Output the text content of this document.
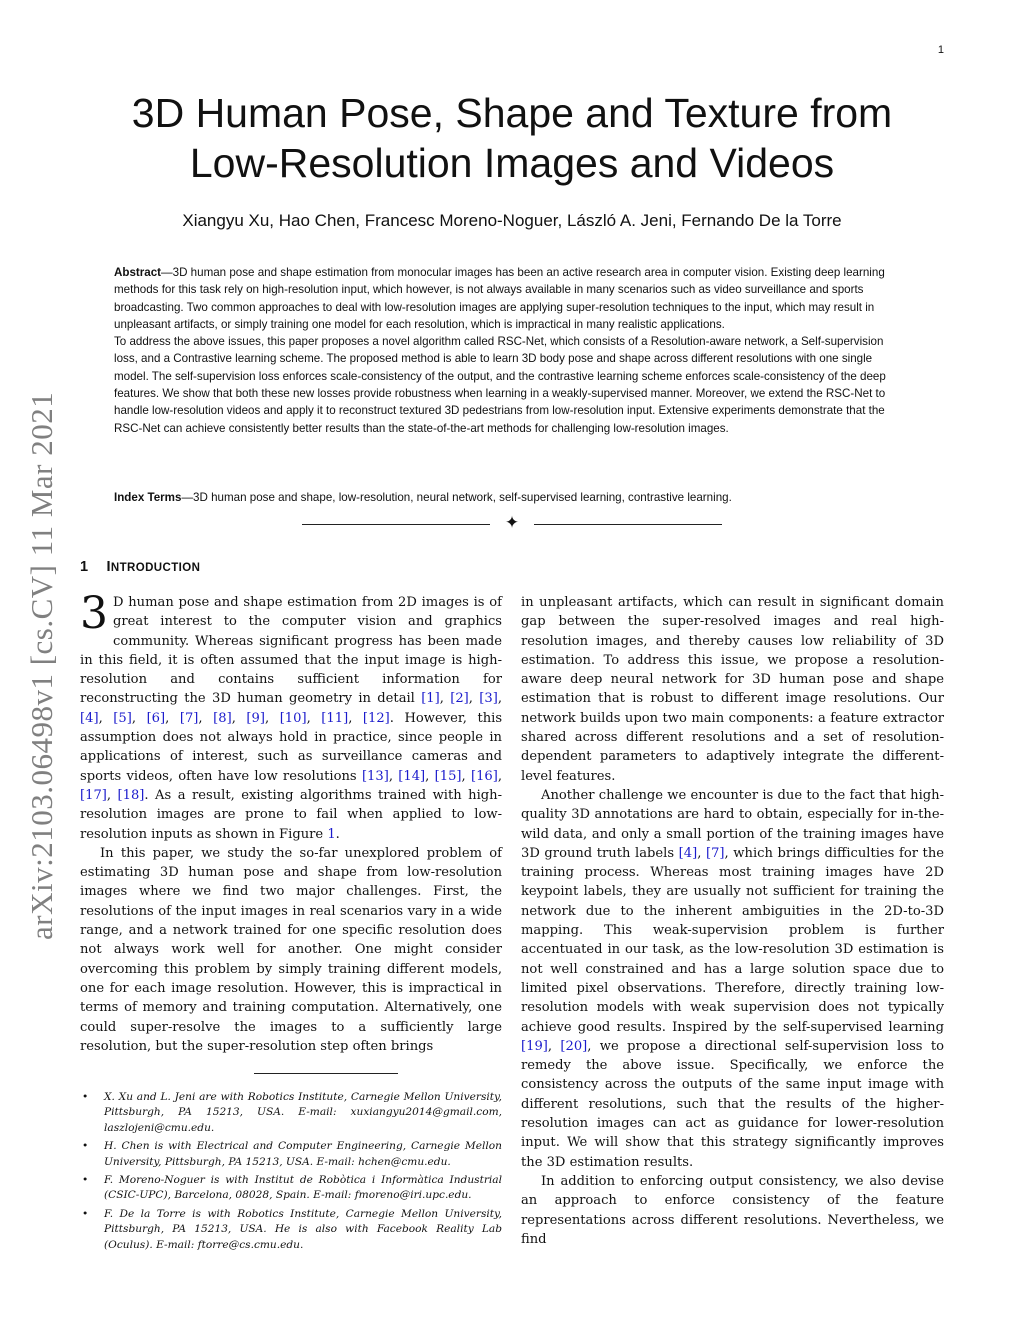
1
arXiv:2103.06498v1 [cs.CV] 11 Mar 2021
3D Human Pose, Shape and Texture from
Low-Resolution Images and Videos
Xiangyu Xu, Hao Chen, Francesc Moreno-Noguer, László A. Jeni, Fernando De la Torre

Abstract—3D human pose and shape estimation from monocular images has been an active research area in computer vision. Existing deep learning methods for this task rely on high-resolution input, which however, is not always available in many scenarios such as video surveillance and sports broadcasting. Two common approaches to deal with low-resolution images are applying super-resolution techniques to the input, which may result in unpleasant artifacts, or simply training one model for each resolution, which is impractical in many realistic applications.

To address the above issues, this paper proposes a novel algorithm called RSC-Net, which consists of a Resolution-aware network, a Self-supervision loss, and a Contrastive learning scheme. The proposed method is able to learn 3D body pose and shape across different resolutions with one single model. The self-supervision loss enforces scale-consistency of the output, and the contrastive learning scheme enforces scale-consistency of the deep features. We show that both these new losses provide robustness when learning in a weakly-supervised manner. Moreover, we extend the RSC-Net to handle low-resolution videos and apply it to reconstruct textured 3D pedestrians from low-resolution input. Extensive experiments demonstrate that the RSC-Net can achieve consistently better results than the state-of-the-art methods for challenging low-resolution images.

Index Terms—3D human pose and shape, low-resolution, neural network, self-supervised learning, contrastive learning.
✦
1 INTRODUCTION

3 D human pose and shape estimation from 2D images is of great interest to the computer vision and graphics community. Whereas significant progress has been made in this field, it is often assumed that the input image is high-resolution and contains sufficient information for reconstructing the 3D human geometry in detail [1], [2], [3], [4], [5], [6], [7], [8], [9], [10], [11], [12]. However, this assumption does not always hold in practice, since people in applications of interest, such as surveillance cameras and sports videos, often have low resolutions [13], [14], [15], [16], [17], [18]. As a result, existing algorithms trained with high-resolution images are prone to fail when applied to low-resolution inputs as shown in Figure 1.

In this paper, we study the so-far unexplored problem of estimating 3D human pose and shape from low-resolution images where we find two major challenges. First, the resolutions of the input images in real scenarios vary in a wide range, and a network trained for one specific resolution does not always work well for another. One might consider overcoming this problem by simply training different models, one for each image resolution. However, this is impractical in terms of memory and training computation. Alternatively, one could super-resolve the images to a sufficiently large resolution, but the super-resolution step often brings

in unpleasant artifacts, which can result in significant domain gap between the super-resolved images and real high-resolution images, and thereby causes low reliability of 3D estimation. To address this issue, we propose a resolution-aware deep neural network for 3D human pose and shape estimation that is robust to different image resolutions. Our network builds upon two main components: a feature extractor shared across different resolutions and a set of resolution-dependent parameters to adaptively integrate the different-level features.

Another challenge we encounter is due to the fact that high-quality 3D annotations are hard to obtain, especially for in-the-wild data, and only a small portion of the training images have 3D ground truth labels [4], [7], which brings difficulties for the training process. Whereas most training images have 2D keypoint labels, they are usually not sufficient for training the network due to the inherent ambiguities in the 2D-to-3D mapping. This weak-supervision problem is further accentuated in our task, as the low-resolution 3D estimation is not well constrained and has a large solution space due to limited pixel observations. Therefore, directly training low-resolution models with weak supervision does not typically achieve good results. Inspired by the self-supervised learning [19], [20], we propose a directional self-supervision loss to remedy the above issue. Specifically, we enforce the consistency across the outputs of the same input image with different resolutions, such that the results of the higher-resolution images can act as guidance for lower-resolution input. We will show that this strategy significantly improves the 3D estimation results.

In addition to enforcing output consistency, we also devise an approach to enforce consistency of the feature representations across different resolutions. Nevertheless, we find

• X. Xu and L. Jeni are with Robotics Institute, Carnegie Mellon University, Pittsburgh, PA 15213, USA. E-mail: xuxiangyu2014@gmail.com, laszlojeni@cmu.edu.
• H. Chen is with Electrical and Computer Engineering, Carnegie Mellon University, Pittsburgh, PA 15213, USA. E-mail: hchen@cmu.edu.
• F. Moreno-Noguer is with Institut de Robòtica i Informàtica Industrial (CSIC-UPC), Barcelona, 08028, Spain. E-mail: fmoreno@iri.upc.edu.
• F. De la Torre is with Robotics Institute, Carnegie Mellon University, Pittsburgh, PA 15213, USA. He is also with Facebook Reality Lab (Oculus). E-mail: ftorre@cs.cmu.edu.
